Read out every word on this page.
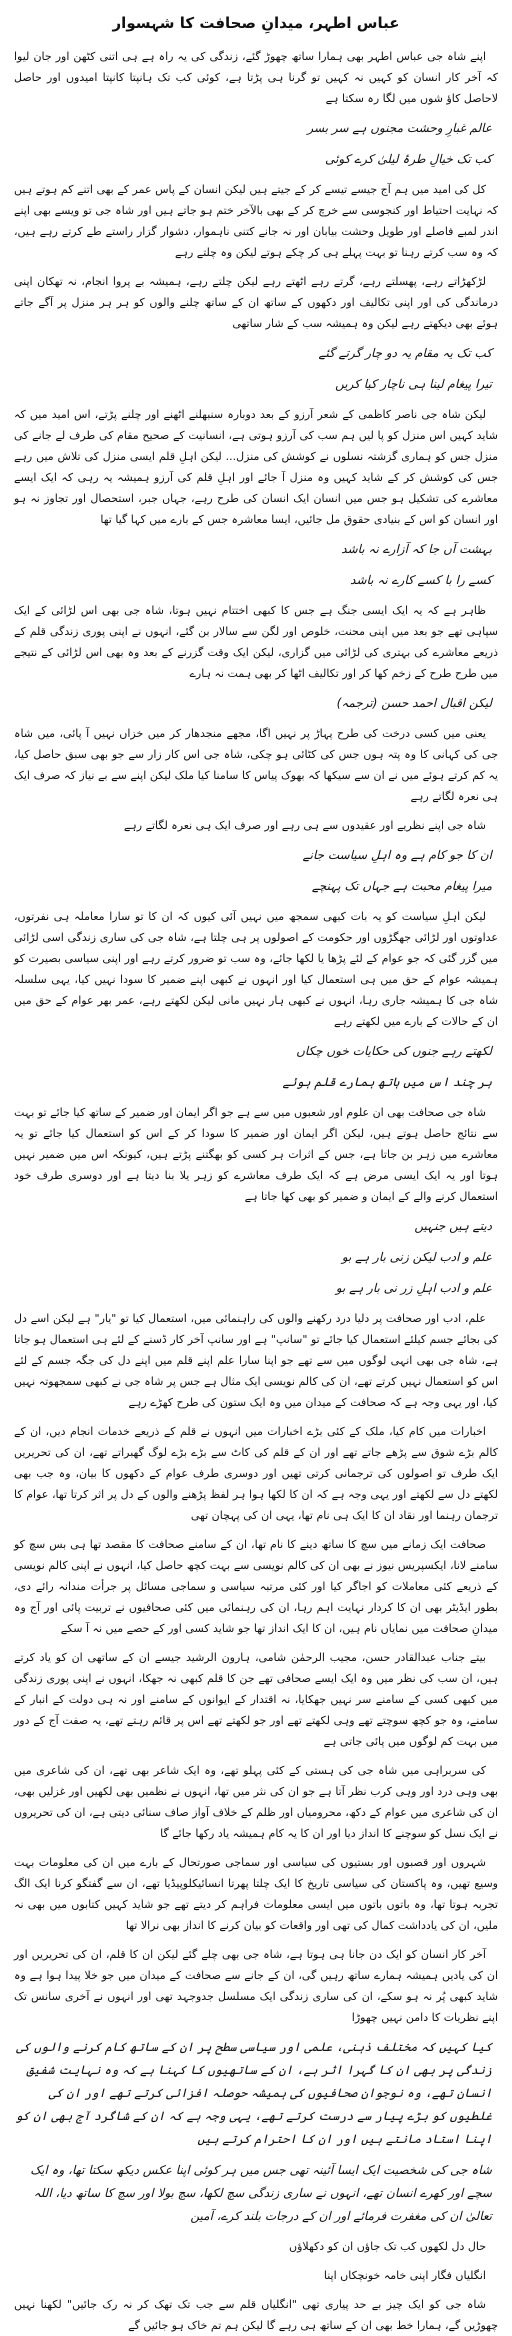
عباس اطہر، میدانِ صحافت کا شہسوار

اپنے شاہ جی عباس اطہر بھی ہمارا ساتھ چھوڑ گئے، زندگی کی یہ راہ ہے ہی اتنی کٹھن اور جان لیوا کہ آخر کار انسان کو کہیں نہ کہیں تو گرنا ہی پڑتا ہے، کوئی کب تک ہانپتا کانپتا امیدوں اور حاصل لاحاصل کاؤ شوں میں لگا رہ سکتا ہے

عالم غبارِ وحشت مجنوں ہے سر بسر
کب تک خیالِ طرۂ لیلیٰ کرے کوئی

کل کی امید میں ہم آج جیسے تیسے کر کے جیتے ہیں لیکن انسان کے پاس عمر کے بھی اتنے کم ہوتے ہیں کہ نہایت احتیاط اور کنجوسی سے خرچ کر کے بھی بالآخر ختم ہو جاتے ہیں اور شاہ جی تو ویسے بھی اپنے اندر لمبے فاصلے اور طویل وحشت بیابان اور نہ جانے کتنی ناہموار، دشوار گزار راستے طے کرتے رہے ہیں، کہ وہ سب کرتے رہنا تو بہت پہلے ہی کر چکے ہوتے لیکن وہ چلتے رہے

لڑکھڑاتے رہے، پھسلتے رہے، گرتے رہے اٹھتے رہے لیکن چلتے رہے، ہمیشہ بے پروا انجام، نہ تھکان اپنی درماندگی کی اور اپنی تکالیف اور دکھوں کے ساتھ ان کے ساتھ چلنے والوں کو ہر ہر منزل پر آگے جاتے ہوئے بھی دیکھتے رہے لیکن وہ ہمیشہ سب کے شار ساتھی

کب تک یہ مقام یہ دو چار گرتے گئے
تیرا پیغام لینا ہی ناچار کیا کریں

لیکن شاہ جی ناصر کاظمی کے شعر آرزو کے بعد دوبارہ سنبھلنے اٹھنے اور چلنے پڑتے، اس امید میں کہ شاید کہیں اس منزل کو پا لیں ہم سب کی آرزو ہوتی ہے، انسانیت کے صحیح مقام کی طرف لے جانے کی منزل جس کو ہماری گزشتہ نسلوں نے کوشش کی منزل... لیکن اہلِ قلم ایسی منزل کی تلاش میں رہے جس کی کوشش کر کے شاید کہیں وہ منزل آ جائے اور اہلِ قلم کی آرزو ہمیشہ یہ رہی کہ ایک ایسے معاشرے کی تشکیل ہو جس میں انسان ایک انسان کی طرح رہے، جہاں جبر، استحصال اور تجاوز نہ ہو اور انسان کو اس کے بنیادی حقوق مل جائیں، ایسا معاشرہ جس کے بارے میں کہا گیا تھا

بہشت آں جا کہ آزارے نہ باشد
کسے را با کسے کارے نہ باشد

ظاہر ہے کہ یہ ایک ایسی جنگ ہے جس کا کبھی اختتام نہیں ہوتا، شاہ جی بھی اس لڑائی کے ایک سپاہی تھے جو بعد میں اپنی محنت، خلوص اور لگن سے سالار بن گئے، انہوں نے اپنی پوری زندگی قلم کے ذریعے معاشرے کی بہتری کی لڑائی میں گزاری، لیکن ایک وقت گزرنے کے بعد وہ بھی اس لڑائی کے نتیجے میں طرح طرح کے زخم کھا کر اور تکالیف اٹھا کر بھی ہمت نہ ہارے

لیکن اقبال احمد حسن (ترجمہ)

یعنی میں کسی درخت کی طرح پہاڑ پر نہیں اگا، مجھے منجدھار کر میں خزاں نہیں آ پائی، میں شاہ جی کی کہانی کا وہ پتہ ہوں جس کی کٹائی ہو چکی، شاہ جی اس کار زار سے جو بھی سبق حاصل کیا، یہ کم کرتے ہوئے میں نے ان سے سیکھا کہ بھوک پیاس کا سامنا کیا ملک لیکن اپنے سے بے نیاز کہ صرف ایک ہی نعرہ لگاتے رہے

شاہ جی اپنے نظریے اور عقیدوں سے ہی رہے اور صرف ایک ہی نعرہ لگاتے رہے

ان کا جو کام ہے وہ اہلِ سیاست جانے
میرا پیغام محبت ہے جہاں تک پہنچے

لیکن اہلِ سیاست کو یہ بات کبھی سمجھ میں نہیں آئی کیوں کہ ان کا تو سارا معاملہ ہی نفرتوں، عداوتوں اور لڑائی جھگڑوں اور حکومت کے اصولوں پر ہی چلتا ہے، شاہ جی کی ساری زندگی اسی لڑائی میں گزر گئی کہ جو عوام کے لئے پڑھا یا لکھا جائے، وہ سب تو ضرور کرتے رہے اور اپنی سیاسی بصیرت کو ہمیشہ عوام کے حق میں ہی استعمال کیا اور انہوں نے کبھی اپنے ضمیر کا سودا نہیں کیا، یہی سلسلہ شاہ جی کا ہمیشہ جاری رہا، انہوں نے کبھی ہار نہیں مانی لیکن لکھتے رہے، عمر بھر عوام کے حق میں ان کے حالات کے بارے میں لکھتے رہے

لکھتے رہے جنوں کی حکایات خوں چکاں
ہر چند اس میں ہاتھ ہمارے قلم ہوئے

شاہ جی صحافت بھی ان علوم اور شعبوں میں سے ہے جو اگر ایمان اور ضمیر کے ساتھ کیا جائے تو بہت سے نتائج حاصل ہوتے ہیں، لیکن اگر ایمان اور ضمیر کا سودا کر کے اس کو استعمال کیا جائے تو یہ معاشرے میں زہر بن جاتا ہے، جس کے اثرات ہر کسی کو بھگتنے پڑتے ہیں، کیونکہ اس میں ضمیر نہیں ہوتا اور یہ ایک ایسی مرض ہے کہ ایک طرف معاشرے کو زہر یلا بنا دیتا ہے اور دوسری طرف خود استعمال کرنے والے کے ایمان و ضمیر کو بھی کھا جاتا ہے

دیتے ہیں جنہیں
علم و ادب لیکن زنی بار ہے بو
علم و ادب اہلِ زر نی بار ہے بو

علم، ادب اور صحافت پر دلیا درد رکھنے والوں کی راہنمائی میں، استعمال کیا تو "یار" ہے لیکن اسے دل کی بجائے جسم کیلئے استعمال کیا جائے تو "سانپ" ہے اور سانپ آخر کار ڈسنے کے لئے ہی استعمال ہو جاتا ہے، شاہ جی بھی انہی لوگوں میں سے تھے جو اپنا سارا علم اپنے قلم میں اپنے دل کی جگہ جسم کے لئے اس کو استعمال نہیں کرتے تھے، ان کی کالم نویسی ایک مثال ہے جس پر شاہ جی نے کبھی سمجھوتہ نہیں کیا، اور یہی وجہ ہے کہ صحافت کے میدان میں وہ ایک ستون کی طرح کھڑے رہے

اخبارات میں کام کیا، ملک کے کئی بڑے اخبارات میں انہوں نے قلم کے ذریعے خدمات انجام دیں، ان کے کالم بڑے شوق سے پڑھے جاتے تھے اور ان کے قلم کی کاٹ سے بڑے بڑے لوگ گھبراتے تھے، ان کی تحریریں ایک طرف تو اصولوں کی ترجمانی کرتی تھیں اور دوسری طرف عوام کے دکھوں کا بیان، وہ جب بھی لکھتے دل سے لکھتے اور یہی وجہ ہے کہ ان کا لکھا ہوا ہر لفظ پڑھنے والوں کے دل پر اثر کرتا تھا، عوام کا ترجمان رہنما اور نقاد ان کا ایک ہی نام تھا، یہی ان کی پہچان تھی

صحافت ایک زمانے میں سچ کا ساتھ دینے کا نام تھا، ان کے سامنے صحافت کا مقصد تھا ہی بس سچ کو سامنے لانا، ایکسپریس نیوز نے بھی ان کی کالم نویسی سے بہت کچھ حاصل کیا، انہوں نے اپنی کالم نویسی کے ذریعے کئی معاملات کو اجاگر کیا اور کئی مرتبہ سیاسی و سماجی مسائل پر جرأت مندانہ رائے دی، بطور ایڈیٹر بھی ان کا کردار نہایت اہم رہا، ان کی رہنمائی میں کئی صحافیوں نے تربیت پائی اور آج وہ میدانِ صحافت میں نمایاں نام ہیں، ان کا ایک انداز تھا جو شاید کسی اور کے حصے میں نہ آ سکے

بیتے جناب عبدالقادر حسن، مجیب الرحمٰن شامی، ہارون الرشید جیسے ان کے ساتھی ان کو یاد کرتے ہیں، ان سب کی نظر میں وہ ایک ایسے صحافی تھے جن کا قلم کبھی نہ جھکا، انہوں نے اپنی پوری زندگی میں کبھی کسی کے سامنے سر نہیں جھکایا، نہ اقتدار کے ایوانوں کے سامنے اور نہ ہی دولت کے انبار کے سامنے، وہ جو کچھ سوچتے تھے وہی لکھتے تھے اور جو لکھتے تھے اس پر قائم رہتے تھے، یہ صفت آج کے دور میں بہت کم لوگوں میں پائی جاتی ہے

کی سربراہی میں شاہ جی کی ہستی کے کئی پہلو تھے، وہ ایک شاعر بھی تھے، ان کی شاعری میں بھی وہی درد اور وہی کرب نظر آتا ہے جو ان کی نثر میں تھا، انہوں نے نظمیں بھی لکھیں اور غزلیں بھی، ان کی شاعری میں عوام کے دکھ، محرومیاں اور ظلم کے خلاف آواز صاف سنائی دیتی ہے، ان کی تحریروں نے ایک نسل کو سوچنے کا انداز دیا اور ان کا یہ کام ہمیشہ یاد رکھا جائے گا

شہروں اور قصبوں اور بستیوں کی سیاسی اور سماجی صورتحال کے بارے میں ان کی معلومات بہت وسیع تھیں، وہ پاکستان کی سیاسی تاریخ کا ایک چلتا پھرتا انسائیکلوپیڈیا تھے، ان سے گفتگو کرنا ایک الگ تجربہ ہوتا تھا، وہ باتوں باتوں میں ایسی معلومات فراہم کر دیتے تھے جو شاید کہیں کتابوں میں بھی نہ ملیں، ان کی یادداشت کمال کی تھی اور واقعات کو بیان کرنے کا انداز بھی نرالا تھا

آخر کار انسان کو ایک دن جانا ہی ہوتا ہے، شاہ جی بھی چلے گئے لیکن ان کا قلم، ان کی تحریریں اور ان کی یادیں ہمیشہ ہمارے ساتھ رہیں گی، ان کے جانے سے صحافت کے میدان میں جو خلا پیدا ہوا ہے وہ شاید کبھی پُر نہ ہو سکے، ان کی ساری زندگی ایک مسلسل جدوجہد تھی اور انہوں نے آخری سانس تک اپنے نظریات کا دامن نہیں چھوڑا

کیا کہیں کہ مختلف ذہنی، علمی اور سیاسی سطح پر ان کے ساتھ کام کرنے والوں کی زندگی پر بھی ان کا گہرا اثر ہے، ان کے ساتھیوں کا کہنا ہے کہ وہ نہایت شفیق انسان تھے، وہ نوجوان صحافیوں کی ہمیشہ حوصلہ افزائی کرتے تھے اور ان کی غلطیوں کو بڑے پیار سے درست کرتے تھے، یہی وجہ ہے کہ ان کے شاگرد آج بھی ان کو اپنا استاد مانتے ہیں اور ان کا احترام کرتے ہیں
شاہ جی کی شخصیت ایک ایسا آئینہ تھی جس میں ہر کوئی اپنا عکس دیکھ سکتا تھا، وہ ایک سچے اور کھرے انسان تھے، انہوں نے ساری زندگی سچ لکھا، سچ بولا اور سچ کا ساتھ دیا، اللہ تعالیٰ ان کی مغفرت فرمائے اور ان کے درجات بلند کرے، آمین

حال دل لکھوں کب تک جاؤں ان کو دکھلاؤں

انگلیاں فگار اپنی خامہ خونچکاں اپنا

شاہ جی کو ایک چیز بے حد پیاری تھی "انگلیاں قلم سے جب تک تھک کر نہ رک جائیں" لکھنا نہیں چھوڑیں گے، ہمارا خط بھی ان کے ساتھ ہی رہے گا لیکن ہم تم خاک ہو جائیں گے
